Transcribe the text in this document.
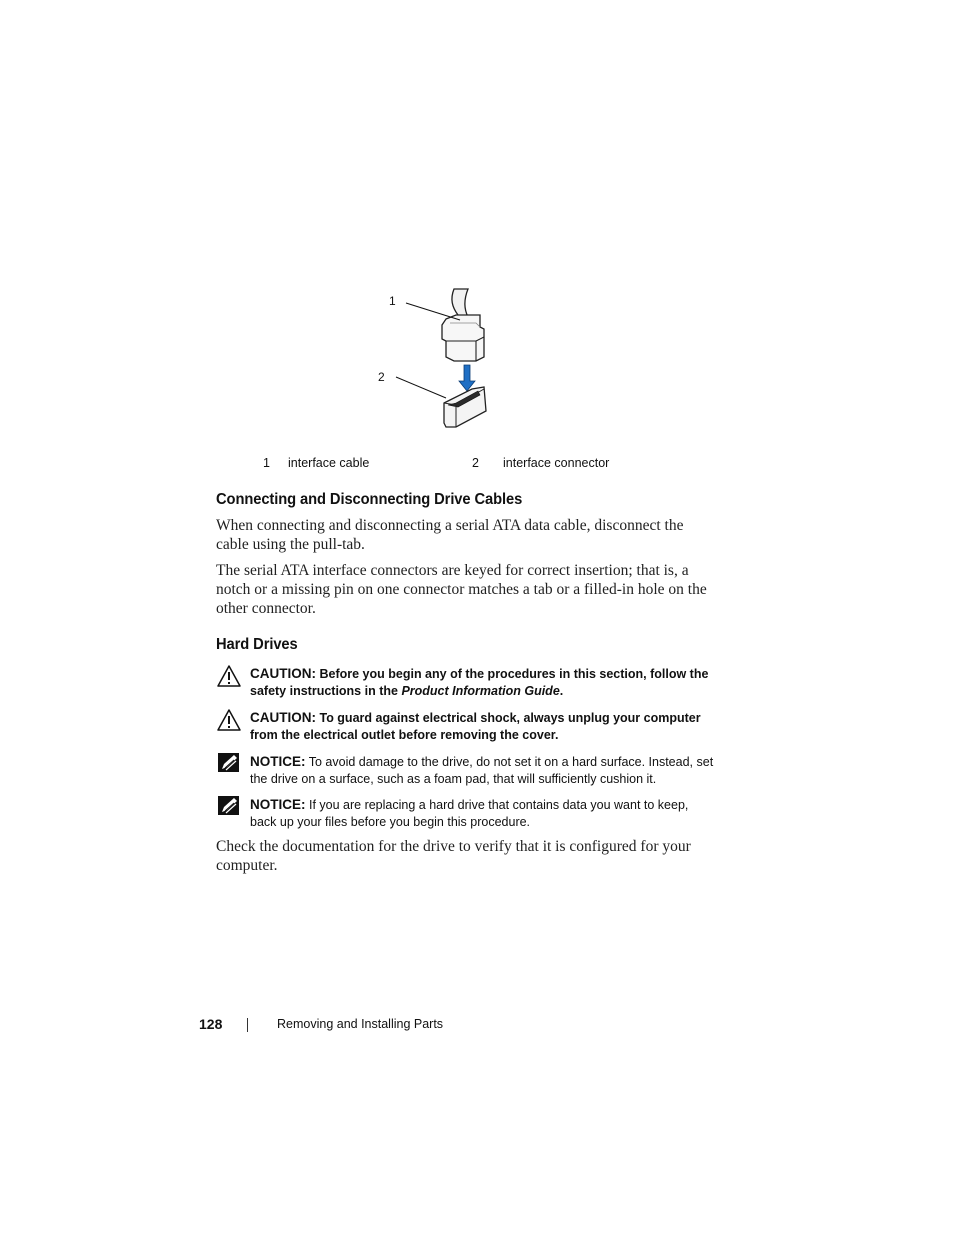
1
2
1 interface cable	2 interface connector
Connecting and Disconnecting Drive Cables

When connecting and disconnecting a serial ATA data cable, disconnect the cable using the pull-tab.

The serial ATA interface connectors are keyed for correct insertion; that is, a notch or a missing pin on one connector matches a tab or a filled-in hole on the other connector.

Hard Drives
CAUTION: Before you begin any of the procedures in this section, follow the safety instructions in the Product Information Guide.
CAUTION: To guard against electrical shock, always unplug your computer from the electrical outlet before removing the cover.
NOTICE: To avoid damage to the drive, do not set it on a hard surface. Instead, set the drive on a surface, such as a foam pad, that will sufficiently cushion it.
NOTICE: If you are replacing a hard drive that contains data you want to keep, back up your files before you begin this procedure.

Check the documentation for the drive to verify that it is configured for your computer.

128	Removing and Installing Parts
